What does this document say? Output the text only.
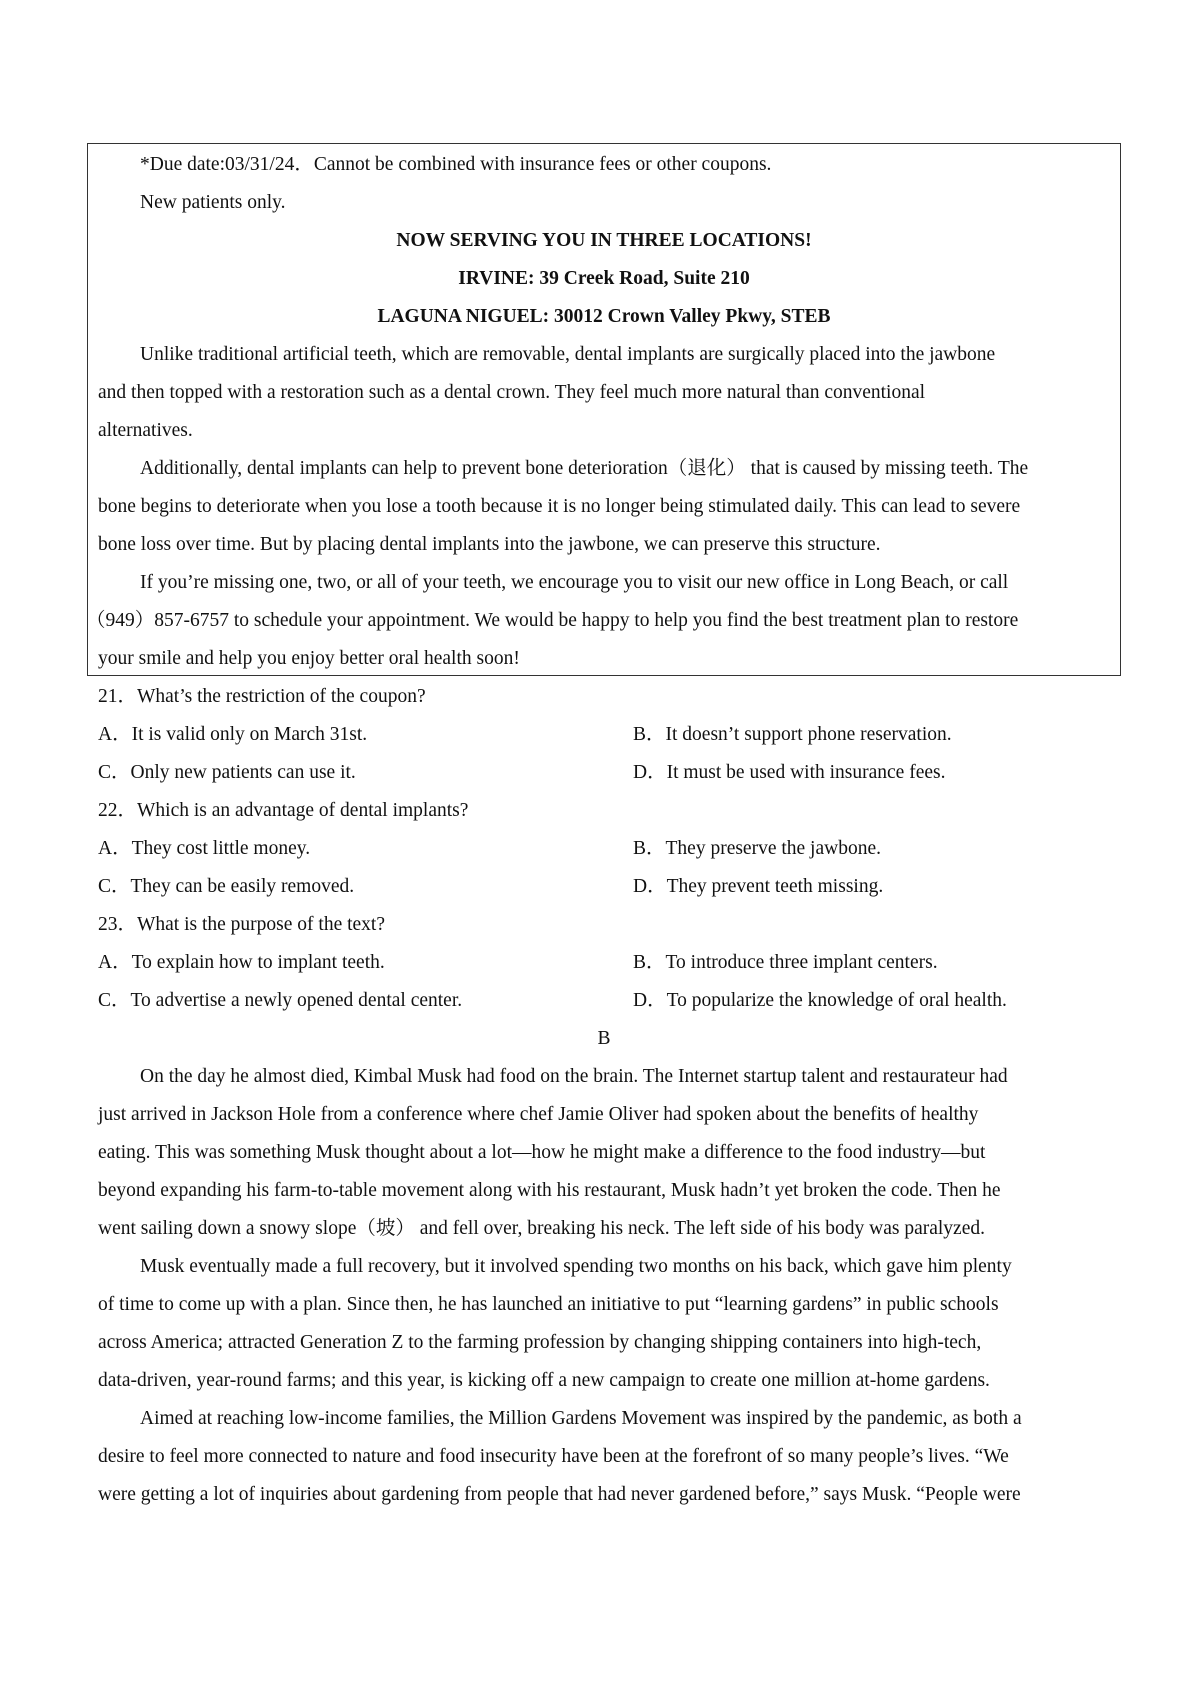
*Due date:03/31/24．Cannot be combined with insurance fees or other coupons.
New patients only.
NOW SERVING YOU IN THREE LOCATIONS!
IRVINE: 39 Creek Road, Suite 210
LAGUNA NIGUEL: 30012 Crown Valley Pkwy, STEB
Unlike traditional artificial teeth, which are removable, dental implants are surgically placed into the jawbone
and then topped with a restoration such as a dental crown. They feel much more natural than conventional
alternatives.
Additionally, dental implants can help to prevent bone deterioration（退化） that is caused by missing teeth. The
bone begins to deteriorate when you lose a tooth because it is no longer being stimulated daily. This can lead to severe
bone loss over time. But by placing dental implants into the jawbone, we can preserve this structure.
If you’re missing one, two, or all of your teeth, we encourage you to visit our new office in Long Beach, or call
（949）857-6757 to schedule your appointment. We would be happy to help you find the best treatment plan to restore
your smile and help you enjoy better oral health soon!
21．What’s the restriction of the coupon?
A．It is valid only on March 31st.	B．It doesn’t support phone reservation.
C．Only new patients can use it.	D．It must be used with insurance fees.
22．Which is an advantage of dental implants?
A．They cost little money.	B．They preserve the jawbone.
C．They can be easily removed.	D．They prevent teeth missing.
23．What is the purpose of the text?
A．To explain how to implant teeth.	B．To introduce three implant centers.
C．To advertise a newly opened dental center.	D．To popularize the knowledge of oral health.
B
On the day he almost died, Kimbal Musk had food on the brain. The Internet startup talent and restaurateur had
just arrived in Jackson Hole from a conference where chef Jamie Oliver had spoken about the benefits of healthy
eating. This was something Musk thought about a lot—how he might make a difference to the food industry—but
beyond expanding his farm-to-table movement along with his restaurant, Musk hadn’t yet broken the code. Then he
went sailing down a snowy slope（坡） and fell over, breaking his neck. The left side of his body was paralyzed.
Musk eventually made a full recovery, but it involved spending two months on his back, which gave him plenty
of time to come up with a plan. Since then, he has launched an initiative to put “learning gardens” in public schools
across America; attracted Generation Z to the farming profession by changing shipping containers into high-tech,
data-driven, year-round farms; and this year, is kicking off a new campaign to create one million at-home gardens.
Aimed at reaching low-income families, the Million Gardens Movement was inspired by the pandemic, as both a
desire to feel more connected to nature and food insecurity have been at the forefront of so many people’s lives. “We
were getting a lot of inquiries about gardening from people that had never gardened before,” says Musk. “People were
